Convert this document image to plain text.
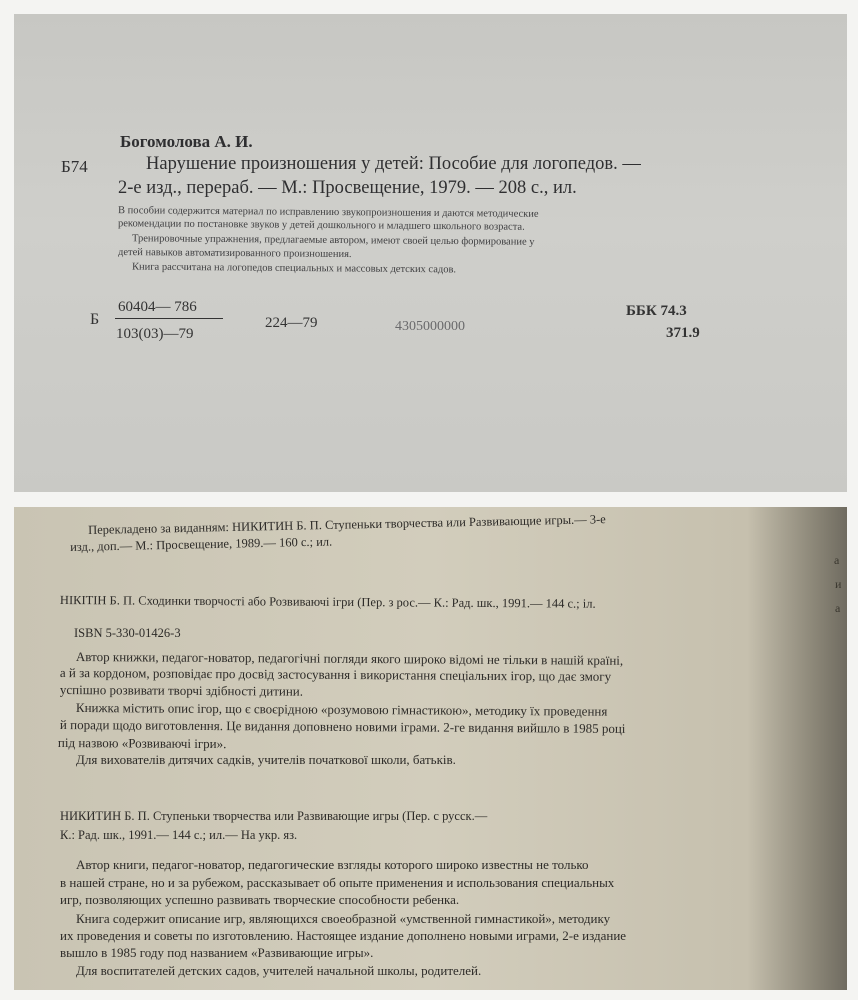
Богомолова А. И.
Б74	Нарушение произношения у детей: Пособие для логопедов. —
2-е изд., перераб. — М.: Просвещение, 1979. — 208 с., ил.
В пособии содержится материал по исправлению звукопроизношения и даются методические
рекомендации по постановке звуков у детей дошкольного и младшего школьного возраста.
Тренировочные упражнения, предлагаемые автором, имеют своей целью формирование у
детей навыков автоматизированного произношения.
Книга рассчитана на логопедов специальных и массовых детских садов.
Б
60404— 786
103(03)—79
224—79	4305000000
ББК 74.3
371.9
Перекладено за виданням: НИКИТИН Б. П. Ступеньки творчества или Развивающие игры.— 3-е
изд., доп.— М.: Просвещение, 1989.— 160 с.; ил.
НІКІТІН Б. П. Сходинки творчості або Розвиваючі ігри (Пер. з рос.— К.: Рад. шк., 1991.— 144 с.; іл.
ISBN 5-330-01426-3
Автор книжки, педагог-новатор, педагогічні погляди якого широко відомі не тільки в нашій країні,
а й за кордоном, розповідає про досвід застосування і використання спеціальних ігор, що дає змогу
успішно розвивати творчі здібності дитини.
Книжка містить опис ігор, що є своєрідною «розумовою гімнастикою», методику їх проведення
й поради щодо виготовлення. Це видання доповнено новими іграми. 2-ге видання вийшло в 1985 році
під назвою «Розвиваючі ігри».
Для вихователів дитячих садків, учителів початкової школи, батьків.
НИКИТИН Б. П. Ступеньки творчества или Развивающие игры (Пер. с русск.—
К.: Рад. шк., 1991.— 144 с.; ил.— На укр. яз.
Автор книги, педагог-новатор, педагогические взгляды которого широко известны не только
в нашей стране, но и за рубежом, рассказывает об опыте применения и использования специальных
игр, позволяющих успешно развивать творческие способности ребенка.
Книга содержит описание игр, являющихся своеобразной «умственной гимнастикой», методику
их проведения и советы по изготовлению. Настоящее издание дополнено новыми играми, 2-е издание
вышло в 1985 году под названием «Развивающие игры».
Для воспитателей детских садов, учителей начальной школы, родителей.
а
и
а
